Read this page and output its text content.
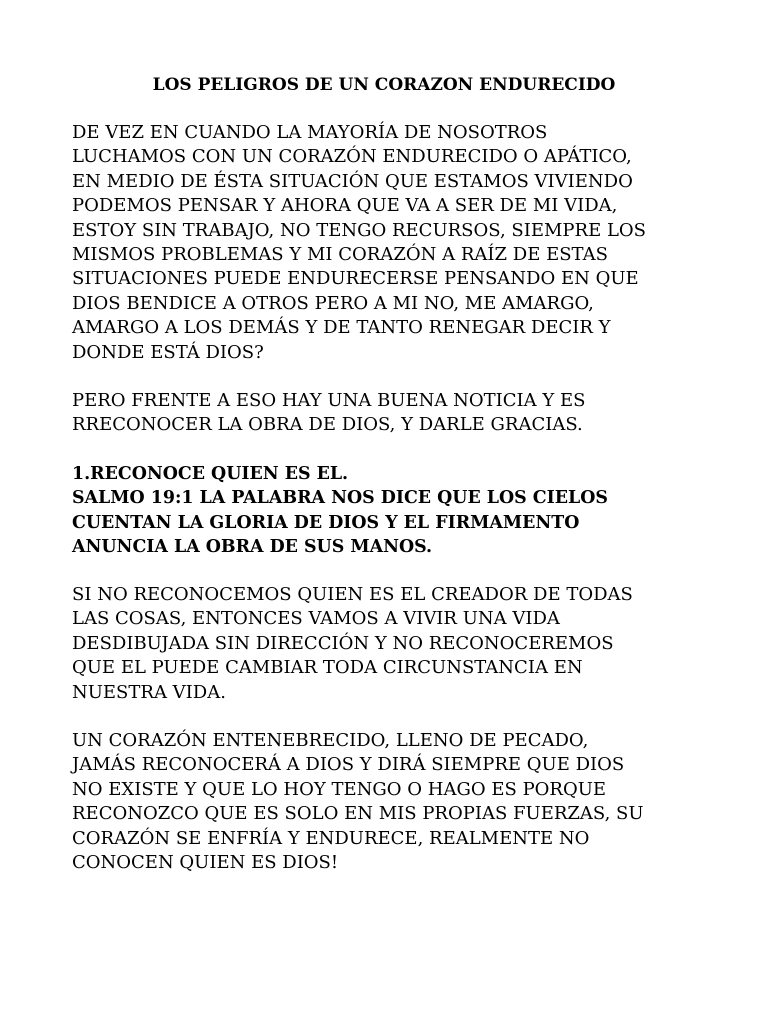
LOS PELIGROS DE UN CORAZON ENDURECIDO
DE VEZ EN CUANDO LA MAYORÍA DE NOSOTROS
LUCHAMOS CON UN CORAZÓN ENDURECIDO O APÁTICO,
EN MEDIO DE ÉSTA SITUACIÓN QUE ESTAMOS VIVIENDO
PODEMOS PENSAR Y AHORA QUE VA A SER DE MI VIDA,
ESTOY SIN TRABAJO, NO TENGO RECURSOS, SIEMPRE LOS
MISMOS PROBLEMAS Y MI CORAZÓN A RAÍZ DE ESTAS
SITUACIONES PUEDE ENDURECERSE PENSANDO EN QUE
DIOS BENDICE A OTROS PERO A MI NO, ME AMARGO,
AMARGO A LOS DEMÁS Y DE TANTO RENEGAR DECIR Y
DONDE ESTÁ DIOS?
PERO FRENTE A ESO HAY UNA BUENA NOTICIA Y ES
RRECONOCER LA OBRA DE DIOS, Y DARLE GRACIAS.
1.RECONOCE QUIEN ES EL.
SALMO 19:1 LA PALABRA NOS DICE QUE LOS CIELOS
CUENTAN LA GLORIA DE DIOS Y EL FIRMAMENTO
ANUNCIA LA OBRA DE SUS MANOS.
SI NO RECONOCEMOS QUIEN ES EL CREADOR DE TODAS
LAS COSAS, ENTONCES VAMOS A VIVIR UNA VIDA
DESDIBUJADA SIN DIRECCIÓN Y NO RECONOCEREMOS
QUE EL PUEDE CAMBIAR TODA CIRCUNSTANCIA EN
NUESTRA VIDA.
UN CORAZÓN ENTENEBRECIDO, LLENO DE PECADO,
JAMÁS RECONOCERÁ A DIOS Y DIRÁ SIEMPRE QUE DIOS
NO EXISTE Y QUE LO HOY TENGO O HAGO ES PORQUE
RECONOZCO QUE ES SOLO EN MIS PROPIAS FUERZAS, SU
CORAZÓN SE ENFRÍA Y ENDURECE, REALMENTE NO
CONOCEN QUIEN ES DIOS!
